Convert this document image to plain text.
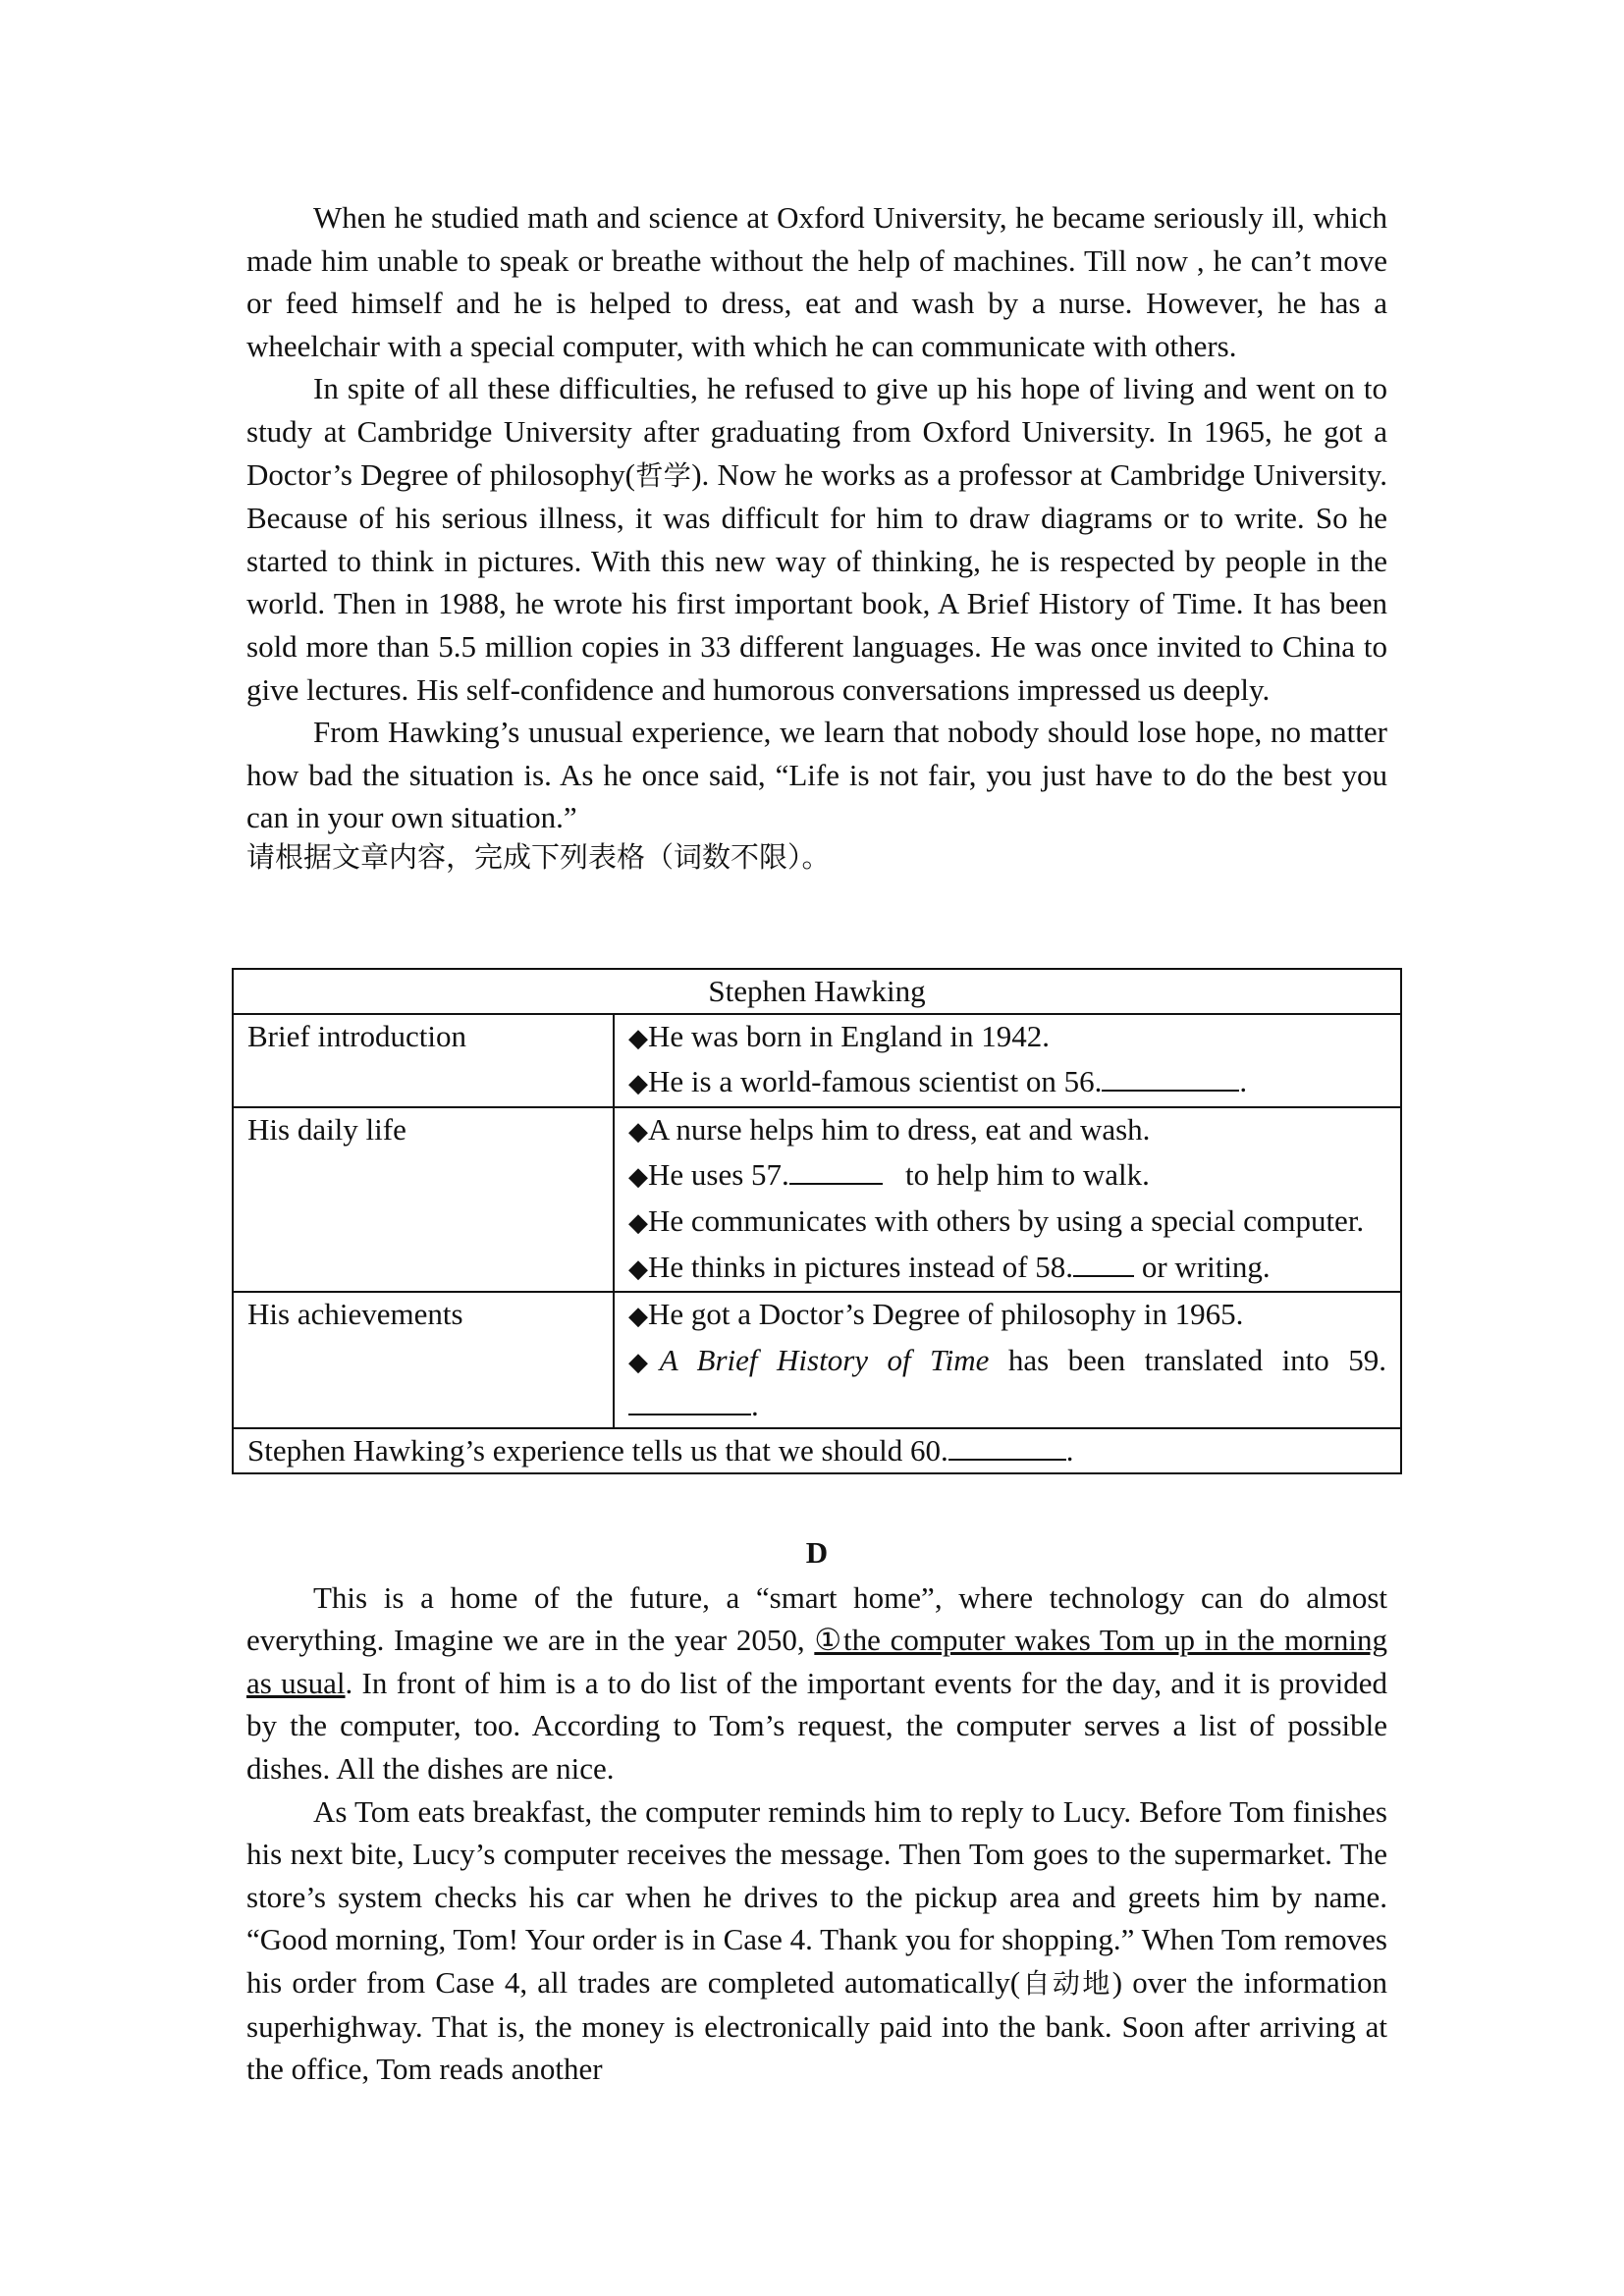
When he studied math and science at Oxford University, he became seriously ill, which made him unable to speak or breathe without the help of machines. Till now , he can’t move or feed himself and he is helped to dress, eat and wash by a nurse. However, he has a wheelchair with a special computer, with which he can communicate with others.

In spite of all these difficulties, he refused to give up his hope of living and went on to study at Cambridge University after graduating from Oxford University. In 1965, he got a Doctor’s Degree of philosophy(哲学). Now he works as a professor at Cambridge University. Because of his serious illness, it was difficult for him to draw diagrams or to write. So he started to think in pictures. With this new way of thinking, he is respected by people in the world. Then in 1988, he wrote his first important book, A Brief History of Time. It has been sold more than 5.5 million copies in 33 different languages. He was once invited to China to give lectures. His self-confidence and humorous conversations impressed us deeply.

From Hawking’s unusual experience, we learn that nobody should lose hope, no matter how bad the situation is. As he once said, “Life is not fair, you just have to do the best you can in your own situation.”

请根据文章内容，完成下列表格（词数不限）。

Stephen Hawking	
Brief introduction	◆He was born in England in 1942.
◆He is a world-famous scientist on 56. .

His daily life	◆A nurse helps him to dress, eat and wash.
◆He uses 57. to help him to walk.
◆He communicates with others by using a special computer.
◆He thinks in pictures instead of 58. or writing.

His achievements	◆He got a Doctor’s Degree of philosophy in 1965.
◆A Brief History of Time has been translated into 59..

Stephen Hawking’s experience tells us that we should 60. .	
D

This is a home of the future, a “smart home”, where technology can do almost everything. Imagine we are in the year 2050, ①the computer wakes Tom up in the morning as usual. In front of him is a to do list of the important events for the day, and it is provided by the computer, too. According to Tom’s request, the computer serves a list of possible dishes. All the dishes are nice.

As Tom eats breakfast, the computer reminds him to reply to Lucy. Before Tom finishes his next bite, Lucy’s computer receives the message. Then Tom goes to the supermarket. The store’s system checks his car when he drives to the pickup area and greets him by name. “Good morning, Tom! Your order is in Case 4. Thank you for shopping.” When Tom removes his order from Case 4, all trades are completed automatically(自动地) over the information superhighway. That is, the money is electronically paid into the bank. Soon after arriving at the office, Tom reads another
